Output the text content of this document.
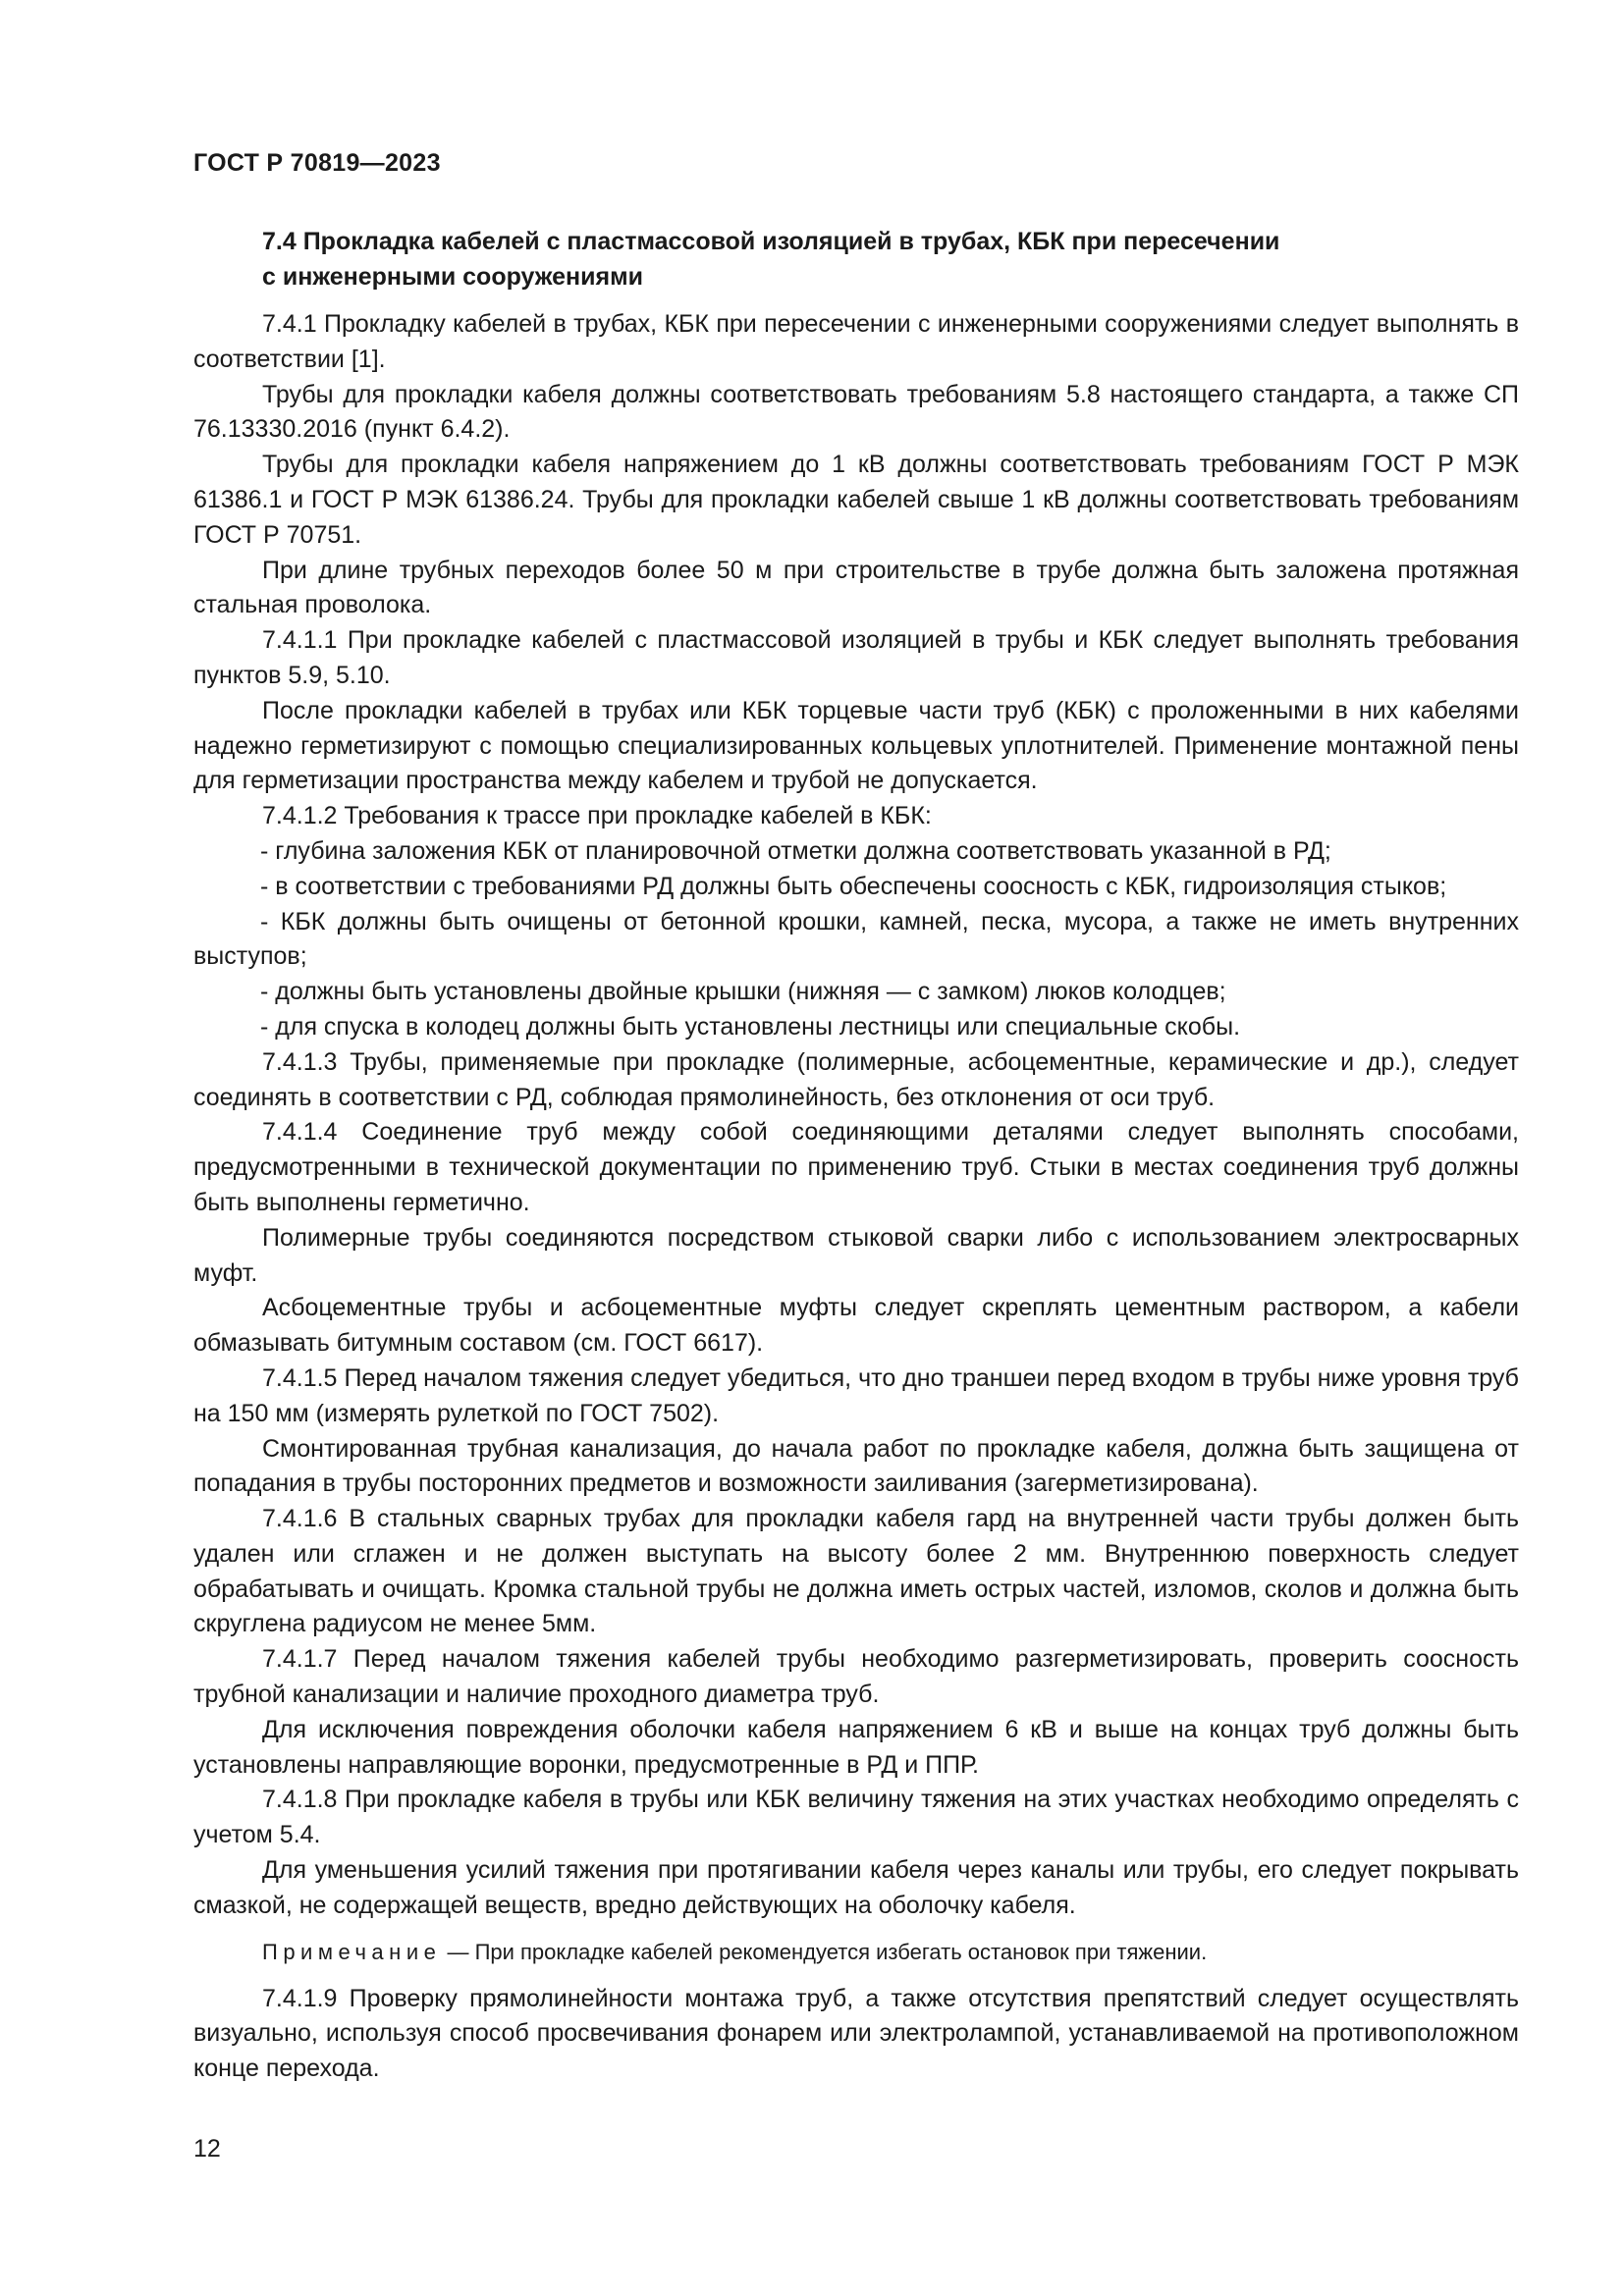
ГОСТ Р 70819—2023
7.4 Прокладка кабелей с пластмассовой изоляцией в трубах, КБК при пересечении
с инженерными сооружениями

7.4.1 Прокладку кабелей в трубах, КБК при пересечении с инженерными сооружениями следует выполнять в соответствии [1].

Трубы для прокладки кабеля должны соответствовать требованиям 5.8 настоящего стандарта, а также СП 76.13330.2016 (пункт 6.4.2).

Трубы для прокладки кабеля напряжением до 1 кВ должны соответствовать требованиям ГОСТ Р МЭК 61386.1 и ГОСТ Р МЭК 61386.24. Трубы для прокладки кабелей свыше 1 кВ должны соответствовать требованиям ГОСТ Р 70751.

При длине трубных переходов более 50 м при строительстве в трубе должна быть заложена протяжная стальная проволока.

7.4.1.1 При прокладке кабелей с пластмассовой изоляцией в трубы и КБК следует выполнять требования пунктов 5.9, 5.10.

После прокладки кабелей в трубах или КБК торцевые части труб (КБК) с проложенными в них кабелями надежно герметизируют с помощью специализированных кольцевых уплотнителей. Применение монтажной пены для герметизации пространства между кабелем и трубой не допускается.

7.4.1.2 Требования к трассе при прокладке кабелей в КБК:

- глубина заложения КБК от планировочной отметки должна соответствовать указанной в РД;

- в соответствии с требованиями РД должны быть обеспечены соосность с КБК, гидроизоляция стыков;

- КБК должны быть очищены от бетонной крошки, камней, песка, мусора, а также не иметь внутренних выступов;

- должны быть установлены двойные крышки (нижняя — с замком) люков колодцев;

- для спуска в колодец должны быть установлены лестницы или специальные скобы.

7.4.1.3 Трубы, применяемые при прокладке (полимерные, асбоцементные, керамические и др.), следует соединять в соответствии с РД, соблюдая прямолинейность, без отклонения от оси труб.

7.4.1.4 Соединение труб между собой соединяющими деталями следует выполнять способами, предусмотренными в технической документации по применению труб. Стыки в местах соединения труб должны быть выполнены герметично.

Полимерные трубы соединяются посредством стыковой сварки либо с использованием электросварных муфт.

Асбоцементные трубы и асбоцементные муфты следует скреплять цементным раствором, а кабели обмазывать битумным составом (см. ГОСТ 6617).

7.4.1.5 Перед началом тяжения следует убедиться, что дно траншеи перед входом в трубы ниже уровня труб на 150 мм (измерять рулеткой по ГОСТ 7502).

Смонтированная трубная канализация, до начала работ по прокладке кабеля, должна быть защищена от попадания в трубы посторонних предметов и возможности заиливания (загерметизирована).

7.4.1.6 В стальных сварных трубах для прокладки кабеля гард на внутренней части трубы должен быть удален или сглажен и не должен выступать на высоту более 2 мм. Внутреннюю поверхность следует обрабатывать и очищать. Кромка стальной трубы не должна иметь острых частей, изломов, сколов и должна быть скруглена радиусом не менее 5мм.

7.4.1.7 Перед началом тяжения кабелей трубы необходимо разгерметизировать, проверить соосность трубной канализации и наличие проходного диаметра труб.

Для исключения повреждения оболочки кабеля напряжением 6 кВ и выше на концах труб должны быть установлены направляющие воронки, предусмотренные в РД и ППР.

7.4.1.8 При прокладке кабеля в трубы или КБК величину тяжения на этих участках необходимо определять с учетом 5.4.

Для уменьшения усилий тяжения при протягивании кабеля через каналы или трубы, его следует покрывать смазкой, не содержащей веществ, вредно действующих на оболочку кабеля.

Примечание — При прокладке кабелей рекомендуется избегать остановок при тяжении.

7.4.1.9 Проверку прямолинейности монтажа труб, а также отсутствия препятствий следует осуществлять визуально, используя способ просвечивания фонарем или электролампой, устанавливаемой на противоположном конце перехода.

12
